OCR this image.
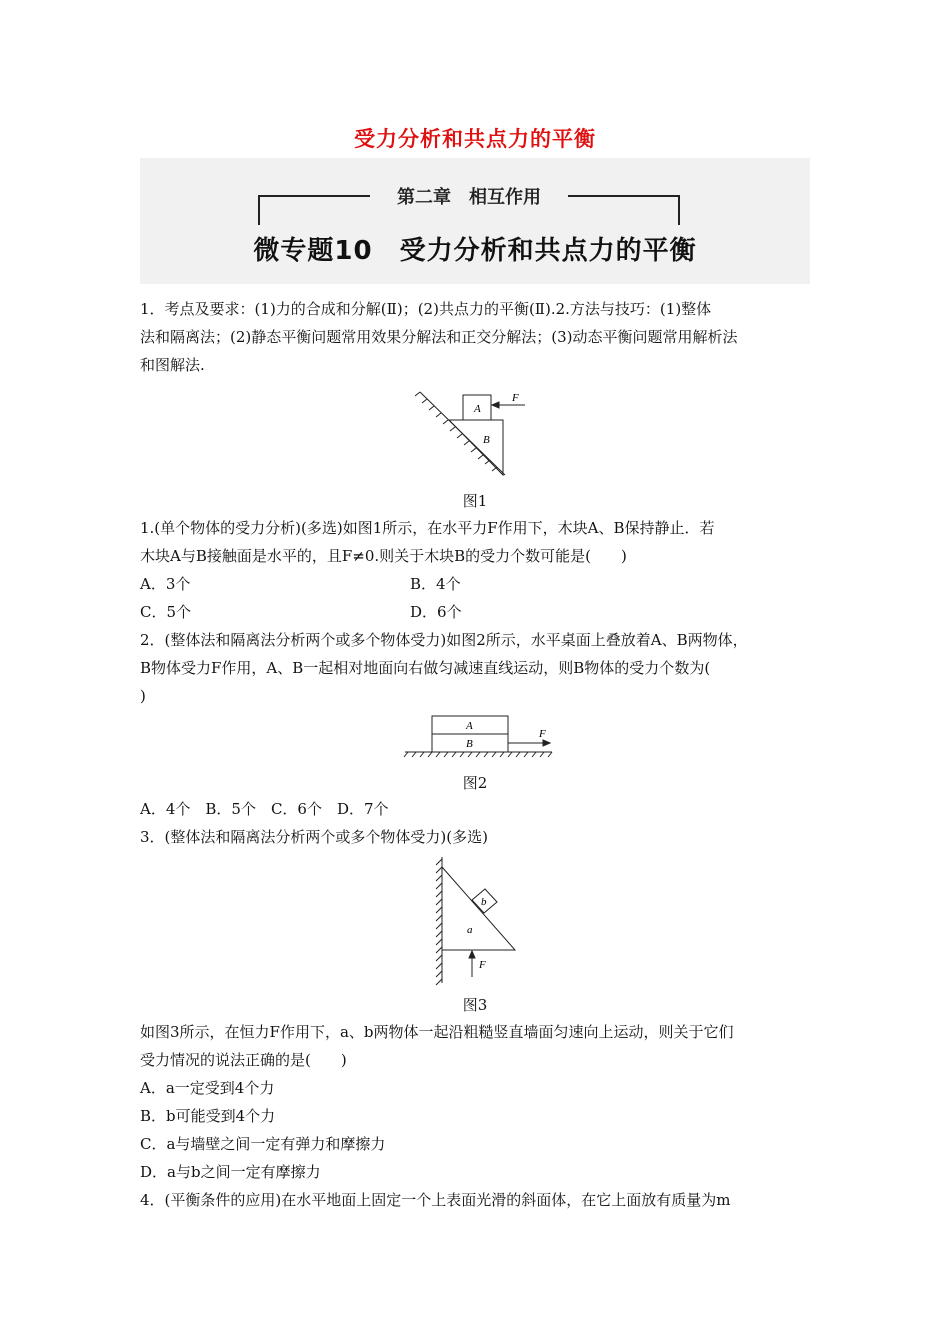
受力分析和共点力的平衡
第二章　相互作用
微专题10　受力分析和共点力的平衡
1．考点及要求：(1)力的合成和分解(Ⅱ)；(2)共点力的平衡(Ⅱ).2.方法与技巧：(1)整体
法和隔离法；(2)静态平衡问题常用效果分解法和正交分解法；(3)动态平衡问题常用解析法
和图解法.
A
B
F
图1
1.(单个物体的受力分析)(多选)如图1所示，在水平力F作用下，木块A、B保持静止．若
木块A与B接触面是水平的，且F≠0.则关于木块B的受力个数可能是(　　)
A．3个	B．4个
C．5个	D．6个
2．(整体法和隔离法分析两个或多个物体受力)如图2所示，水平桌面上叠放着A、B两物体，
B物体受力F作用，A、B一起相对地面向右做匀减速直线运动，则B物体的受力个数为(
)
A
B
F
图2
A．4个　B．5个　C．6个　D．7个
3．(整体法和隔离法分析两个或多个物体受力)(多选)
b
a
F
图3
如图3所示，在恒力F作用下，a、b两物体一起沿粗糙竖直墙面匀速向上运动，则关于它们
受力情况的说法正确的是(　　)
A．a一定受到4个力
B．b可能受到4个力
C．a与墙壁之间一定有弹力和摩擦力
D．a与b之间一定有摩擦力
4．(平衡条件的应用)在水平地面上固定一个上表面光滑的斜面体，在它上面放有质量为m
